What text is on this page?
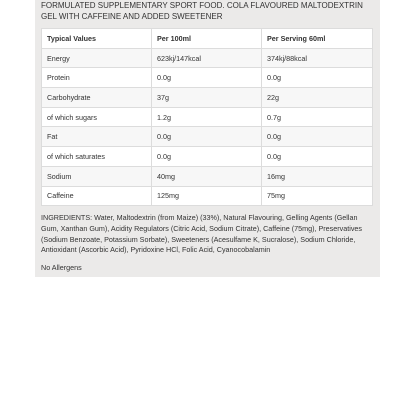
FORMULATED SUPPLEMENTARY SPORT FOOD. COLA FLAVOURED MALTODEXTRIN GEL WITH CAFFEINE AND ADDED SWEETENER
Typical Values	Per 100ml	Per Serving 60ml
Energy	623kj/147kcal	374kj/88kcal
Protein	0.0g	0.0g
Carbohydrate	37g	22g
of which sugars	1.2g	0.7g
Fat	0.0g	0.0g
of which saturates	0.0g	0.0g
Sodium	40mg	16mg
Caffeine	125mg	75mg
INGREDIENTS: Water, Maltodextrin (from Maize) (33%), Natural Flavouring, Gelling Agents (Gellan Gum, Xanthan Gum), Acidity Regulators (Citric Acid, Sodium Citrate), Caffeine (75mg), Preservatives (Sodium Benzoate, Potassium Sorbate), Sweeteners (Acesulfame K, Sucralose), Sodium Chloride, Antioxidant (Ascorbic Acid), Pyridoxine HCl, Folic Acid, Cyanocobalamin
No Allergens
